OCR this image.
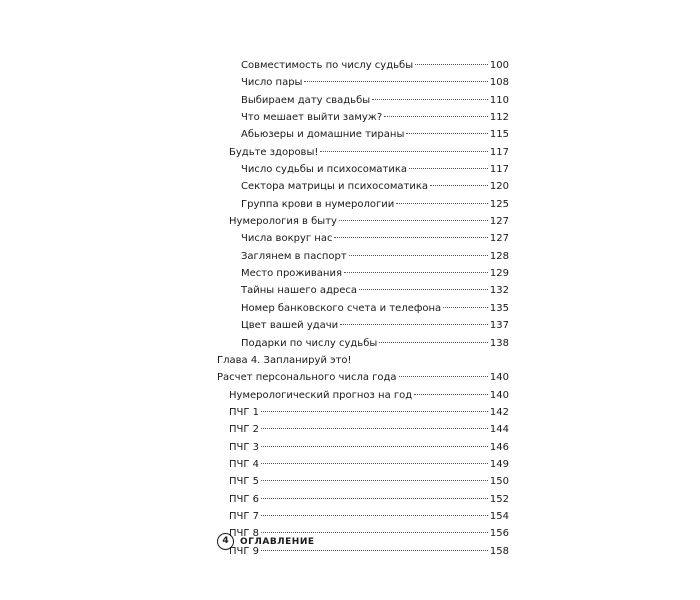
Совместимость по числу судьбы	100
Число пары	108
Выбираем дату свадьбы	110
Что мешает выйти замуж?	112
Абьюзеры и домашние тираны	115
Будьте здоровы!	117
Число судьбы и психосоматика	117
Сектора матрицы и психосоматика	120
Группа крови в нумерологии	125
Нумерология в быту	127
Числа вокруг нас	127
Заглянем в паспорт	128
Место проживания	129
Тайны нашего адреса	132
Номер банковского счета и телефона	135
Цвет вашей удачи	137
Подарки по числу судьбы	138
Глава 4. Запланируй это!
Расчет персонального числа года	140
Нумерологический прогноз на год	140
ПЧГ 1	142
ПЧГ 2	144
ПЧГ 3	146
ПЧГ 4	149
ПЧГ 5	150
ПЧГ 6	152
ПЧГ 7	154
ПЧГ 8	156
ПЧГ 9	158
4	ОГЛАВЛЕНИЕ
